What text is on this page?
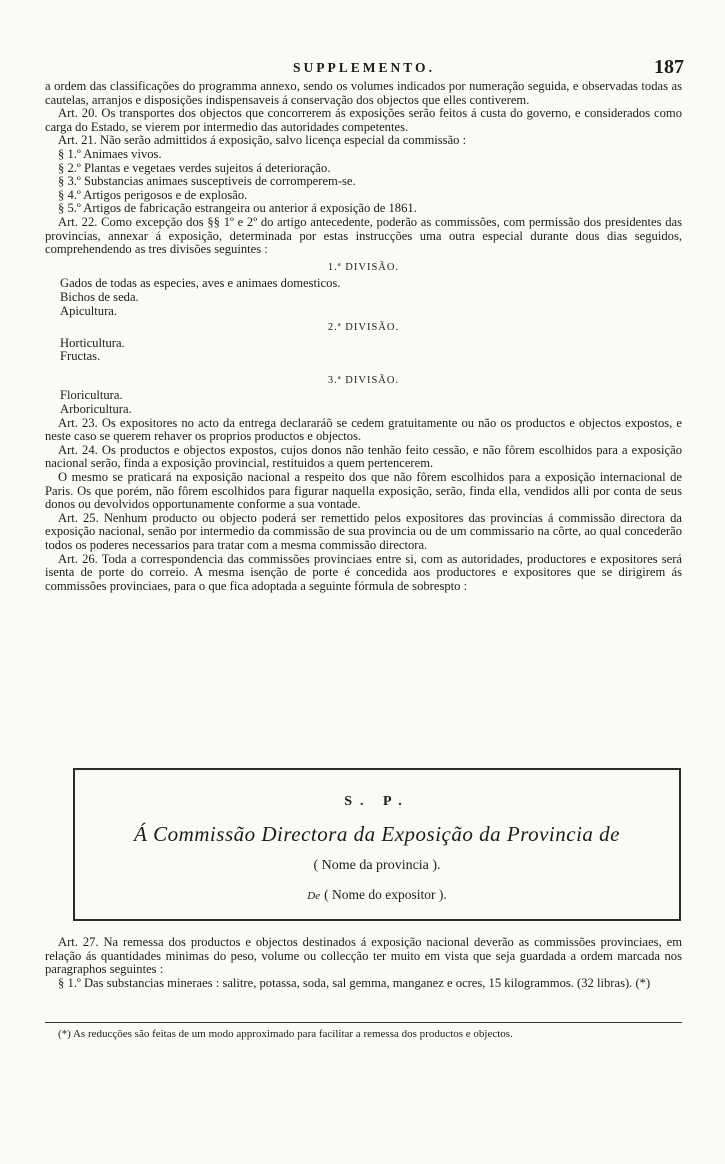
SUPPLEMENTO.	187

a ordem das classificações do programma annexo, sendo os volumes indicados por numeração seguida, e observadas todas as cautelas, arranjos e disposições indispensaveis á conservação dos objectos que elles contiverem.

Art. 20. Os transportes dos objectos que concorrerem ás exposições serão feitos á custa do governo, e considerados como carga do Estado, se vierem por intermedio das autoridades competentes.

Art. 21. Não serão admittidos á exposição, salvo licença especial da commissão :

§ 1.º Animaes vivos.

§ 2.º Plantas e vegetaes verdes sujeitos á deterioração.

§ 3.º Substancias animaes susceptiveis de corromperem-se.

§ 4.º Artigos perigosos e de explosão.

§ 5.º Artigos de fabricação estrangeira ou anterior á exposição de 1861.

Art. 22. Como excepção dos §§ 1º e 2º do artigo antecedente, poderão as commissões, com permissão dos presidentes das provincias, annexar á exposição, determinada por estas instrucções uma outra especial durante dous dias seguidos, comprehendendo as tres divisões seguintes :

1.ª DIVISÃO.

Gados de todas as especies, aves e animaes domesticos.

Bichos de seda.

Apicultura.

2.ª DIVISÃO.

Horticultura.

Fructas.

3.ª DIVISÃO.

Floricultura.

Arboricultura.

Art. 23. Os expositores no acto da entrega declararáõ se cedem gratuitamente ou não os productos e objectos expostos, e neste caso se querem rehaver os proprios productos e objectos.

Art. 24. Os productos e objectos expostos, cujos donos não tenhão feito cessão, e não fôrem escolhidos para a exposição nacional serão, finda a exposição provincial, restituidos a quem pertencerem.

O mesmo se praticará na exposição nacional a respeito dos que não fôrem escolhidos para a exposição internacional de Paris. Os que porém, não fôrem escolhidos para figurar naquella exposição, serão, finda ella, vendidos alli por conta de seus donos ou devolvidos opportunamente conforme a sua vontade.

Art. 25. Nenhum producto ou objecto poderá ser remettido pelos expositores das provincias á commissão directora da exposição nacional, senão por intermedio da commissão de sua provincia ou de um commissario na côrte, ao qual concederão todos os poderes necessarios para tratar com a mesma commissão directora.

Art. 26. Toda a correspondencia das commissões provinciaes entre si, com as autoridades, productores e expositores será isenta de porte do correio. A mesma isenção de porte é concedida aos productores e expositores que se dirigirem ás commissões provinciaes, para o que fica adoptada a seguinte fórmula de sobrespto :

S. P.
Á Commissão Directora da Exposição da Provincia de
( Nome da provincia ).
De ( Nome do expositor ).

Art. 27. Na remessa dos productos e objectos destinados á exposição nacional deverão as commissões provinciaes, em relação ás quantidades minimas do peso, volume ou collecção ter muito em vista que seja guardada a ordem marcada nos paragraphos seguintes :

§ 1.º Das substancias mineraes : salitre, potassa, soda, sal gemma, manganez e ocres, 15 kilogrammos. (32 libras). (*)

(*) As reducções são feitas de um modo approximado para facilitar a remessa dos productos e objectos.
